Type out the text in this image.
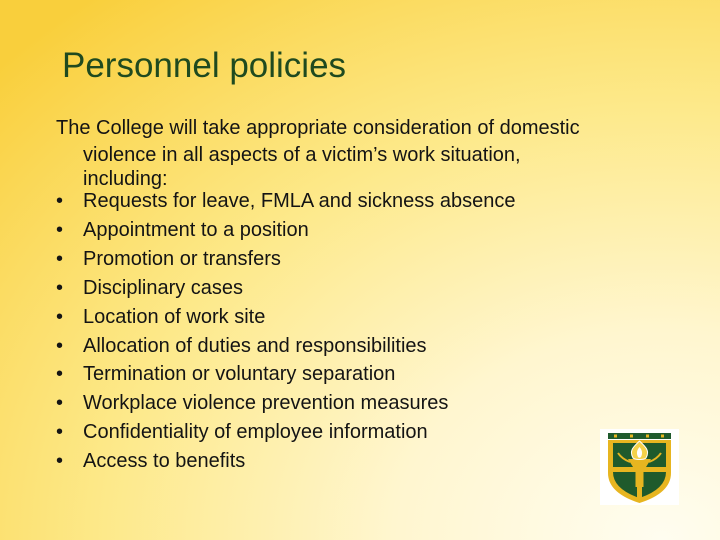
Personnel policies

The College will take appropriate consideration of domestic
violence in all aspects of a victim’s work situation,
including:

• Requests for leave, FMLA and sickness absence
• Appointment to a position
• Promotion or transfers
• Disciplinary cases
• Location of work site
• Allocation of duties and responsibilities
• Termination or voluntary separation
• Workplace violence prevention measures
• Confidentiality of employee information
• Access to benefits
